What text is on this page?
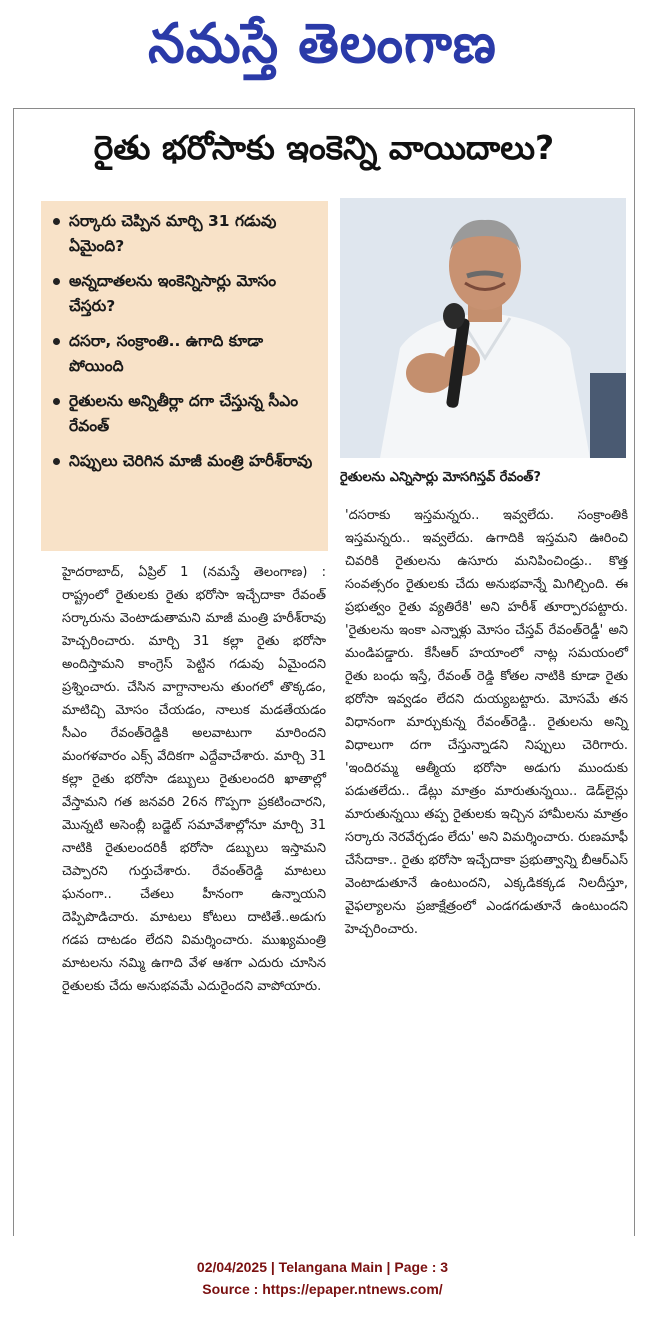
నమస్తే తెలంగాణ
రైతు భరోసాకు ఇంకెన్ని వాయిదాలు?
సర్కారు చెప్పిన మార్చి 31 గడువు ఏమైంది?
అన్నదాతలను ఇంకెన్నిసార్లు మోసం చేస్తరు?
దసరా, సంక్రాంతి.. ఉగాది కూడా పోయింది
రైతులను అన్నితీర్లా దగా చేస్తున్న సీఎం రేవంత్
నిప్పులు చెరిగిన మాజీ మంత్రి హరీశ్‌రావు
రైతులను ఎన్నిసార్లు మోసగిస్తవ్ రేవంత్?

హైదరాబాద్, ఏప్రిల్ 1 (నమస్తే తెలంగాణ) : రాష్ట్రంలో రైతులకు రైతు భరోసా ఇచ్చేదాకా రేవంత్ సర్కారును వెంటాడుతామని మాజీ మంత్రి హరీశ్‌రావు హెచ్చరించారు. మార్చి 31 కల్లా రైతు భరోసా అందిస్తామని కాంగ్రెస్ పెట్టిన గడువు ఏమైందని ప్రశ్నించారు. చేసిన వాగ్దానాలను తుంగలో తొక్కడం, మాటిచ్చి మోసం చేయడం, నాలుక మడతేయడం సీఎం రేవంత్‌రెడ్డికి అలవాటుగా మారిందని మంగళవారం ఎక్స్ వేదికగా ఎద్దేవాచేశారు. మార్చి 31 కల్లా రైతు భరోసా డబ్బులు రైతులందరి ఖాతాల్లో వేస్తామని గత జనవరి 26న గొప్పగా ప్రకటించారని, మొన్నటి అసెంబ్లీ బడ్జెట్ సమావేశాల్లోనూ మార్చి 31 నాటికి రైతులందరికీ భరోసా డబ్బులు ఇస్తామని చెప్పారని గుర్తుచేశారు. రేవంత్‌రెడ్డి మాటలు ఘనంగా.. చేతలు హీనంగా ఉన్నాయని దెప్పిపొడిచారు. మాటలు కోటలు దాటితే..అడుగు గడప దాటడం లేదని విమర్శించారు. ముఖ్యమంత్రి మాటలను నమ్మి ఉగాది వేళ ఆశగా ఎదురు చూసిన రైతులకు చేదు అనుభవమే ఎదురైందని వాపోయారు.

'దసరాకు ఇస్తమన్నరు.. ఇవ్వలేదు. సంక్రాంతికి ఇస్తమన్నరు.. ఇవ్వలేదు. ఉగాదికి ఇస్తమని ఊరించి చివరికి రైతులను ఉసూరు మనిపించిండ్రు.. కొత్త సంవత్సరం రైతులకు చేదు అనుభవాన్నే మిగిల్చింది. ఈ ప్రభుత్వం రైతు వ్యతిరేకి' అని హరీశ్ తూర్పారపట్టారు. 'రైతులను ఇంకా ఎన్నాళ్లు మోసం చేస్తవ్ రేవంత్‌రెడ్డీ' అని మండిపడ్డారు. కేసీఆర్ హయాంలో నాట్ల సమయంలో రైతు బంధు ఇస్తే, రేవంత్ రెడ్డి కోతల నాటికి కూడా రైతు భరోసా ఇవ్వడం లేదని దుయ్యబట్టారు. మోసమే తన విధానంగా మార్చుకున్న రేవంత్‌రెడ్డి.. రైతులను అన్ని విధాలుగా దగా చేస్తున్నాడని నిప్పులు చెరిగారు. 'ఇందిరమ్మ ఆత్మీయ భరోసా అడుగు ముందుకు పడుతలేదు.. డేట్లు మాత్రం మారుతున్నయి.. డెడ్‌లైన్లు మారుతున్నయి తప్ప రైతులకు ఇచ్చిన హామీలను మాత్రం సర్కారు నెరవేర్చడం లేదు' అని విమర్శించారు. రుణమాఫీ చేసేదాకా.. రైతు భరోసా ఇచ్చేదాకా ప్రభుత్వాన్ని బీఆర్ఎస్ వెంటాడుతూనే ఉంటుందని, ఎక్కడికక్కడ నిలదీస్తూ, వైఫల్యాలను ప్రజాక్షేత్రంలో ఎండగడుతూనే ఉంటుందని హెచ్చరించారు.

02/04/2025 | Telangana Main | Page : 3
Source : https://epaper.ntnews.com/
